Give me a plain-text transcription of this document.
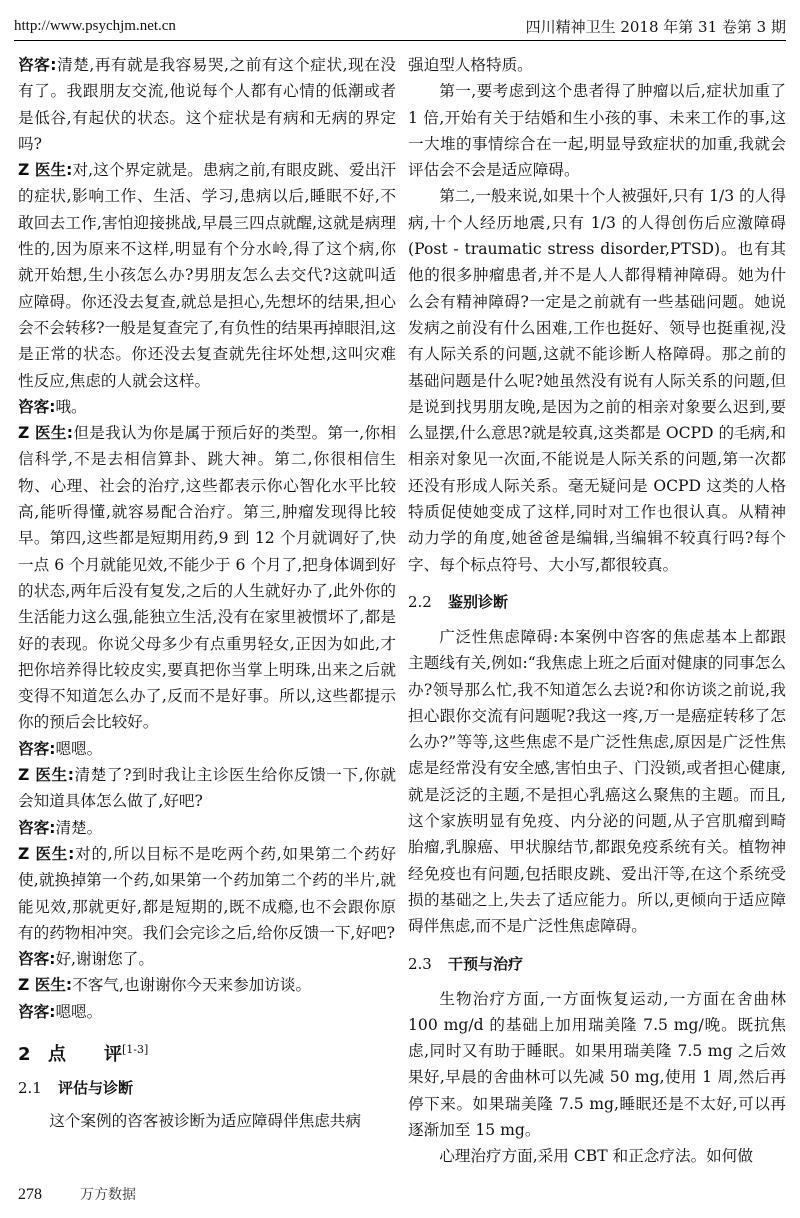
http://www.psychjm.net.cn	四川精神卫生 2018 年第 31 卷第 3 期

咨客:清楚,再有就是我容易哭,之前有这个症状,现在没有了。我跟朋友交流,他说每个人都有心情的低潮或者是低谷,有起伏的状态。这个症状是有病和无病的界定吗?

Z 医生:对,这个界定就是。患病之前,有眼皮跳、爱出汗的症状,影响工作、生活、学习,患病以后,睡眠不好,不敢回去工作,害怕迎接挑战,早晨三四点就醒,这就是病理性的,因为原来不这样,明显有个分水岭,得了这个病,你就开始想,生小孩怎么办?男朋友怎么去交代?这就叫适应障碍。你还没去复查,就总是担心,先想坏的结果,担心会不会转移?一般是复查完了,有负性的结果再掉眼泪,这是正常的状态。你还没去复查就先往坏处想,这叫灾难性反应,焦虑的人就会这样。

咨客:哦。

Z 医生:但是我认为你是属于预后好的类型。第一,你相信科学,不是去相信算卦、跳大神。第二,你很相信生物、心理、社会的治疗,这些都表示你心智化水平比较高,能听得懂,就容易配合治疗。第三,肿瘤发现得比较早。第四,这些都是短期用药,9 到 12 个月就调好了,快一点 6 个月就能见效,不能少于 6 个月了,把身体调到好的状态,两年后没有复发,之后的人生就好办了,此外你的生活能力这么强,能独立生活,没有在家里被惯坏了,都是好的表现。你说父母多少有点重男轻女,正因为如此,才把你培养得比较皮实,要真把你当掌上明珠,出来之后就变得不知道怎么办了,反而不是好事。所以,这些都提示你的预后会比较好。

咨客:嗯嗯。

Z 医生:清楚了?到时我让主诊医生给你反馈一下,你就会知道具体怎么做了,好吧?

咨客:清楚。

Z 医生:对的,所以目标不是吃两个药,如果第二个药好使,就换掉第一个药,如果第一个药加第二个药的半片,就能见效,那就更好,都是短期的,既不成瘾,也不会跟你原有的药物相冲突。我们会完诊之后,给你反馈一下,好吧?

咨客:好,谢谢您了。

Z 医生:不客气,也谢谢你今天来参加访谈。

咨客:嗯嗯。

2 点 评[1-3]
2.1 评估与诊断

这个案例的咨客被诊断为适应障碍伴焦虑共病

强迫型人格特质。

第一,要考虑到这个患者得了肿瘤以后,症状加重了 1 倍,开始有关于结婚和生小孩的事、未来工作的事,这一大堆的事情综合在一起,明显导致症状的加重,我就会评估会不会是适应障碍。

第二,一般来说,如果十个人被强奸,只有 1/3 的人得病,十个人经历地震,只有 1/3 的人得创伤后应激障碍(Post - traumatic stress disorder,PTSD)。也有其他的很多肿瘤患者,并不是人人都得精神障碍。她为什么会有精神障碍?一定是之前就有一些基础问题。她说发病之前没有什么困难,工作也挺好、领导也挺重视,没有人际关系的问题,这就不能诊断人格障碍。那之前的基础问题是什么呢?她虽然没有说有人际关系的问题,但是说到找男朋友晚,是因为之前的相亲对象要么迟到,要么显摆,什么意思?就是较真,这类都是 OCPD 的毛病,和相亲对象见一次面,不能说是人际关系的问题,第一次都还没有形成人际关系。毫无疑问是 OCPD 这类的人格特质促使她变成了这样,同时对工作也很认真。从精神动力学的角度,她爸爸是编辑,当编辑不较真行吗?每个字、每个标点符号、大小写,都很较真。

2.2 鉴别诊断

广泛性焦虑障碍:本案例中咨客的焦虑基本上都跟主题线有关,例如:“我焦虑上班之后面对健康的同事怎么办?领导那么忙,我不知道怎么去说?和你访谈之前说,我担心跟你交流有问题呢?我这一疼,万一是癌症转移了怎么办?”等等,这些焦虑不是广泛性焦虑,原因是广泛性焦虑是经常没有安全感,害怕虫子、门没锁,或者担心健康,就是泛泛的主题,不是担心乳癌这么聚焦的主题。而且,这个家族明显有免疫、内分泌的问题,从子宫肌瘤到畸胎瘤,乳腺癌、甲状腺结节,都跟免疫系统有关。植物神经免疫也有问题,包括眼皮跳、爱出汗等,在这个系统受损的基础之上,失去了适应能力。所以,更倾向于适应障碍伴焦虑,而不是广泛性焦虑障碍。

2.3 干预与治疗

生物治疗方面,一方面恢复运动,一方面在舍曲林 100 mg/d 的基础上加用瑞美隆 7.5 mg/晚。既抗焦虑,同时又有助于睡眠。如果用瑞美隆 7.5 mg 之后效果好,早晨的舍曲林可以先减 50 mg,使用 1 周,然后再停下来。如果瑞美隆 7.5 mg,睡眠还是不太好,可以再逐渐加至 15 mg。

心理治疗方面,采用 CBT 和正念疗法。如何做

278	万方数据
